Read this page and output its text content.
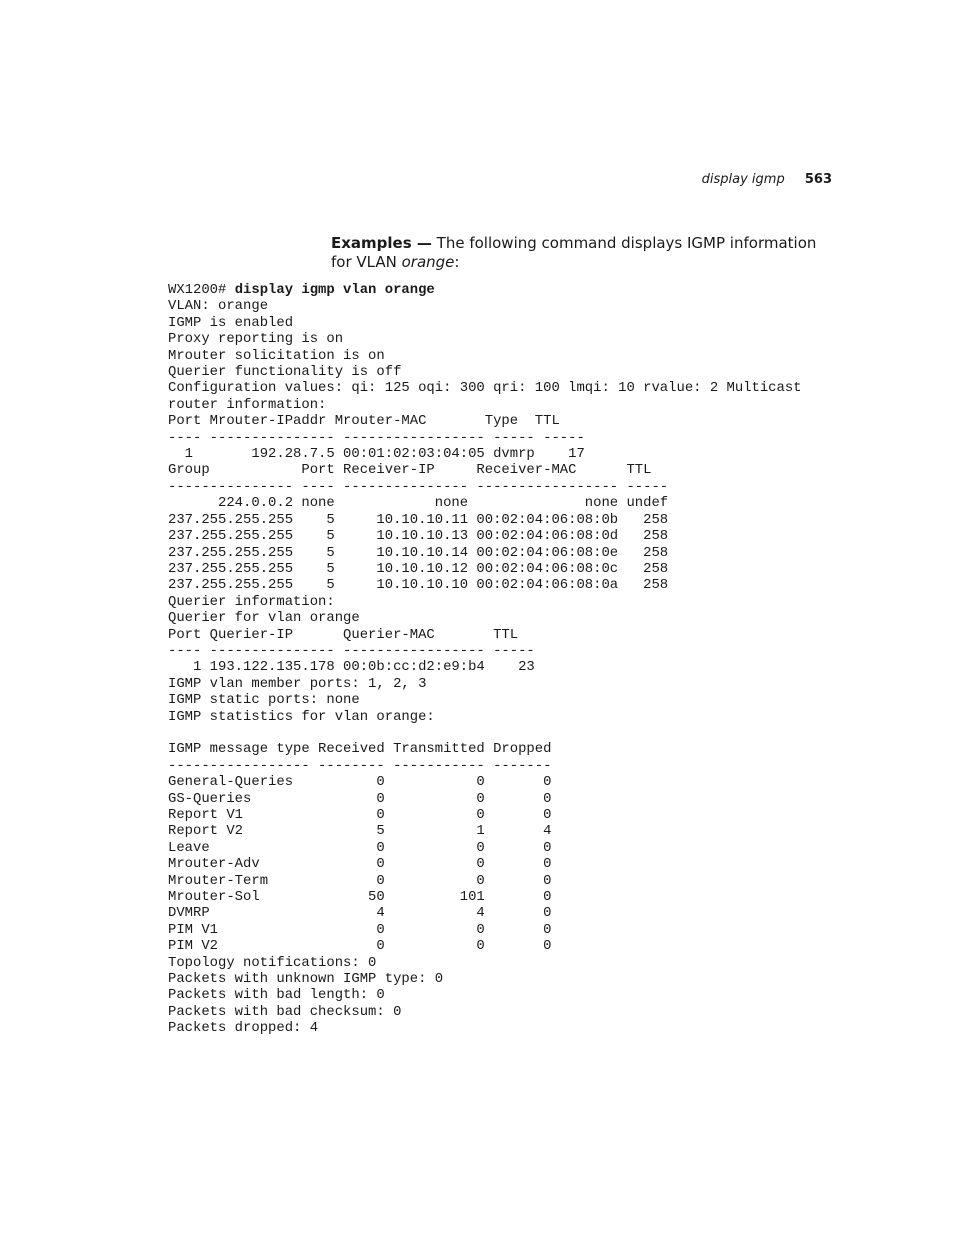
display igmp 563
Examples — The following command displays IGMP information for VLAN orange:
WX1200# display igmp vlan orange
VLAN: orange
IGMP is enabled
Proxy reporting is on
Mrouter solicitation is on
Querier functionality is off
Configuration values: qi: 125 oqi: 300 qri: 100 lmqi: 10 rvalue: 2 Multicast
router information:
Port Mrouter-IPaddr Mrouter-MAC       Type  TTL
---- --------------- ----------------- ----- -----
1       192.28.7.5 00:01:02:03:04:05 dvmrp    17
Group           Port Receiver-IP     Receiver-MAC      TTL
--------------- ---- --------------- ----------------- -----
224.0.0.2 none            none              none undef
237.255.255.255    5     10.10.10.11 00:02:04:06:08:0b   258
237.255.255.255    5     10.10.10.13 00:02:04:06:08:0d   258
237.255.255.255    5     10.10.10.14 00:02:04:06:08:0e   258
237.255.255.255    5     10.10.10.12 00:02:04:06:08:0c   258
237.255.255.255    5     10.10.10.10 00:02:04:06:08:0a   258
Querier information:
Querier for vlan orange
Port Querier-IP      Querier-MAC       TTL
---- --------------- ----------------- -----
1 193.122.135.178 00:0b:cc:d2:e9:b4    23
IGMP vlan member ports: 1, 2, 3
IGMP static ports: none
IGMP statistics for vlan orange:

IGMP message type Received Transmitted Dropped
----------------- -------- ----------- -------
General-Queries          0           0       0
GS-Queries               0           0       0
Report V1                0           0       0
Report V2                5           1       4
Leave                    0           0       0
Mrouter-Adv              0           0       0
Mrouter-Term             0           0       0
Mrouter-Sol             50         101       0
DVMRP                    4           4       0
PIM V1                   0           0       0
PIM V2                   0           0       0
Topology notifications: 0
Packets with unknown IGMP type: 0
Packets with bad length: 0
Packets with bad checksum: 0
Packets dropped: 4
